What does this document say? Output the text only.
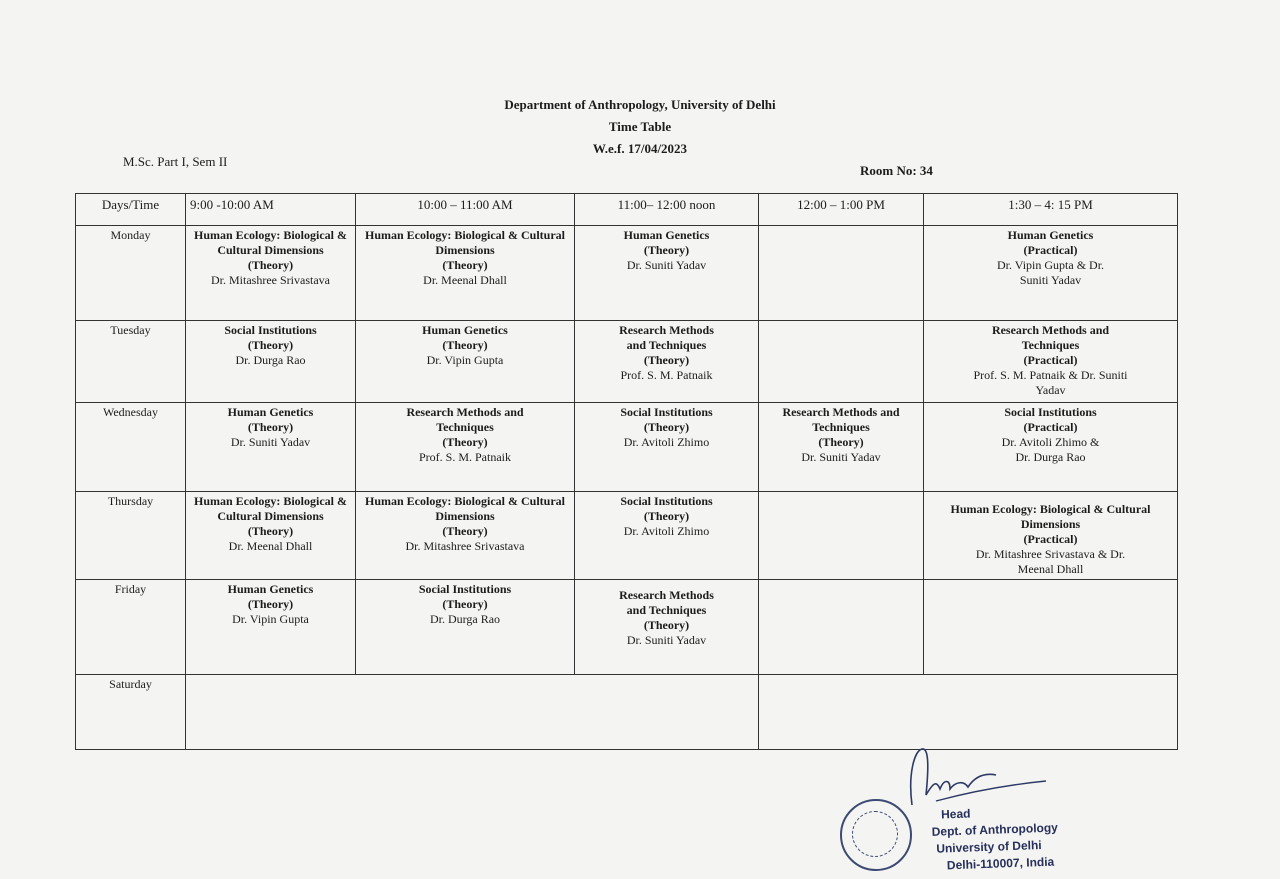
Department of Anthropology, University of Delhi
Time Table
W.e.f. 17/04/2023
M.Sc. Part I, Sem II
Room No: 34
Days/Time	9:00 -10:00 AM	10:00 – 11:00 AM	11:00– 12:00 noon	12:00 – 1:00 PM	1:30 – 4: 15 PM
Monday	Human Ecology: Biological & Cultural Dimensions
(Theory)
Dr. Mitashree Srivastava	Human Ecology: Biological & Cultural Dimensions
(Theory)
Dr. Meenal Dhall	Human Genetics
(Theory)
Dr. Suniti Yadav		Human Genetics
(Practical)
Dr. Vipin Gupta & Dr. Suniti Yadav

Tuesday	Social Institutions
(Theory)
Dr. Durga Rao	Human Genetics
(Theory)
Dr. Vipin Gupta	Research Methods and Techniques
(Theory)
Prof. S. M. Patnaik		Research Methods and Techniques
(Practical)
Prof. S. M. Patnaik & Dr. Suniti Yadav

Wednesday	Human Genetics
(Theory)
Dr. Suniti Yadav	Research Methods and Techniques
(Theory)
Prof. S. M. Patnaik	Social Institutions
(Theory)
Dr. Avitoli Zhimo	Research Methods and Techniques
(Theory)
Dr. Suniti Yadav	Social Institutions
(Practical)
Dr. Avitoli Zhimo & Dr. Durga Rao

Thursday	Human Ecology: Biological & Cultural Dimensions
(Theory)
Dr. Meenal Dhall	Human Ecology: Biological & Cultural Dimensions
(Theory)
Dr. Mitashree Srivastava	Social Institutions
(Theory)
Dr. Avitoli Zhimo		Human Ecology: Biological & Cultural Dimensions
(Practical)
Dr. Mitashree Srivastava & Dr. Meenal Dhall

Friday	Human Genetics
(Theory)
Dr. Vipin Gupta	Social Institutions
(Theory)
Dr. Durga Rao	Research Methods and Techniques
(Theory)
Dr. Suniti Yadav		

Saturday					
Head
Dept. of Anthropology
University of Delhi
Delhi-110007, India
